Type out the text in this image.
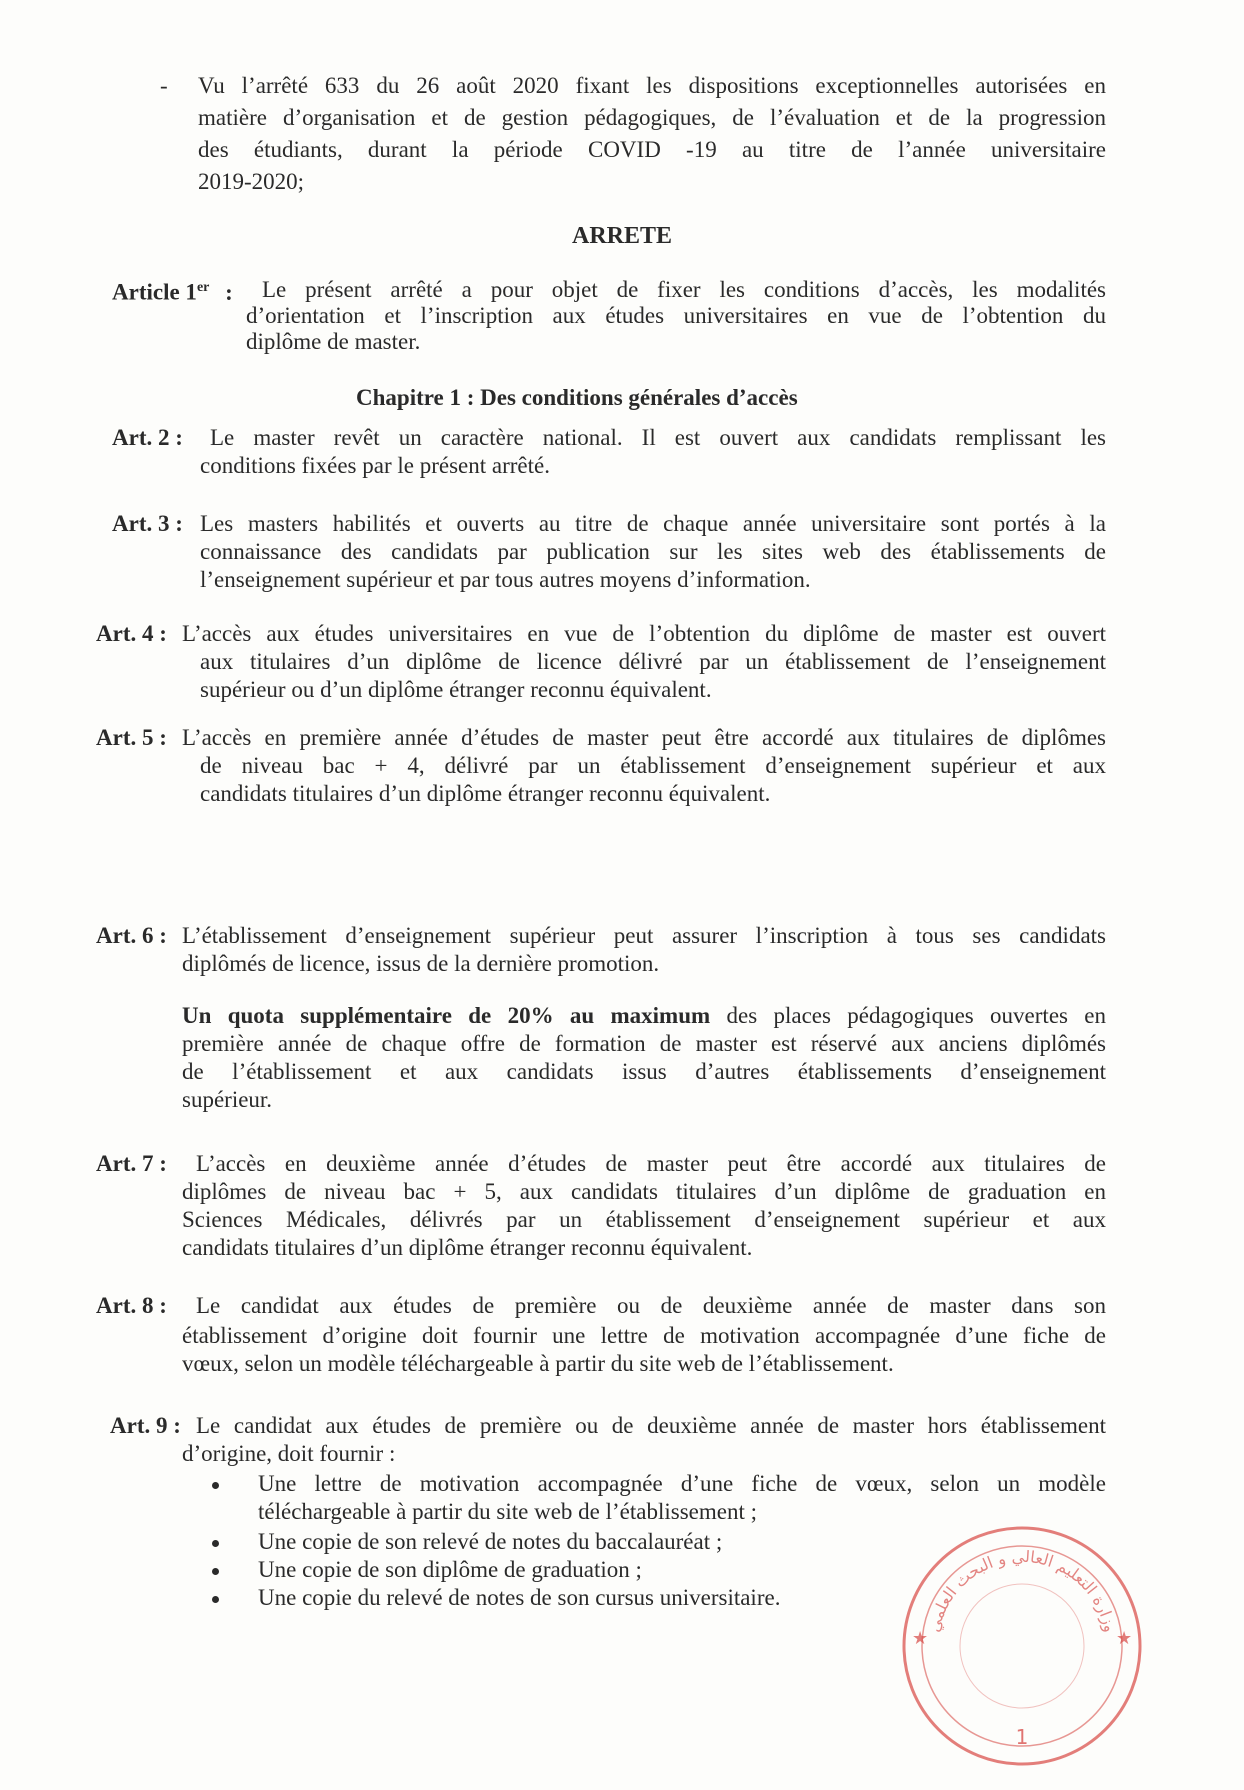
- Vu l’arrêté 633 du 26 août 2020 fixant les dispositions exceptionnelles autorisées en
matière d’organisation et de gestion pédagogiques, de l’évaluation et de la progression
des étudiants, durant la période COVID -19 au titre de l’année universitaire
2019-2020;
ARRETE
Article 1er : Le présent arrêté a pour objet de fixer les conditions d’accès, les modalités
d’orientation et l’inscription aux études universitaires en vue de l’obtention du
diplôme de master.
Chapitre 1 : Des conditions générales d’accès
Art. 2 : Le master revêt un caractère national. Il est ouvert aux candidats remplissant les
conditions fixées par le présent arrêté.
Art. 3 : Les masters habilités et ouverts au titre de chaque année universitaire sont portés à la
connaissance des candidats par publication sur les sites web des établissements de
l’enseignement supérieur et par tous autres moyens d’information.
Art. 4 : L’accès aux études universitaires en vue de l’obtention du diplôme de master est ouvert
aux titulaires d’un diplôme de licence délivré par un établissement de l’enseignement
supérieur ou d’un diplôme étranger reconnu équivalent.
Art. 5 : L’accès en première année d’études de master peut être accordé aux titulaires de diplômes
de niveau bac + 4, délivré par un établissement d’enseignement supérieur et aux
candidats titulaires d’un diplôme étranger reconnu équivalent.
Art. 6 : L’établissement d’enseignement supérieur peut assurer l’inscription à tous ses candidats
diplômés de licence, issus de la dernière promotion.
Un quota supplémentaire de 20% au maximum des places pédagogiques ouvertes en
première année de chaque offre de formation de master est réservé aux anciens diplômés
de l’établissement et aux candidats issus d’autres établissements d’enseignement
supérieur.
Art. 7 : L’accès en deuxième année d’études de master peut être accordé aux titulaires de
diplômes de niveau bac + 5, aux candidats titulaires d’un diplôme de graduation en
Sciences Médicales, délivrés par un établissement d’enseignement supérieur et aux
candidats titulaires d’un diplôme étranger reconnu équivalent.
Art. 8 : Le candidat aux études de première ou de deuxième année de master dans son
établissement d’origine doit fournir une lettre de motivation accompagnée d’une fiche de
vœux, selon un modèle téléchargeable à partir du site web de l’établissement.
Art. 9 : Le candidat aux études de première ou de deuxième année de master hors établissement
d’origine, doit fournir :
Une lettre de motivation accompagnée d’une fiche de vœux, selon un modèle
téléchargeable à partir du site web de l’établissement ;
Une copie de son relevé de notes du baccalauréat ;
Une copie de son diplôme de graduation ;
Une copie du relevé de notes de son cursus universitaire.
وزارة التعليم العالي و البحث العلمي
★	★
1
